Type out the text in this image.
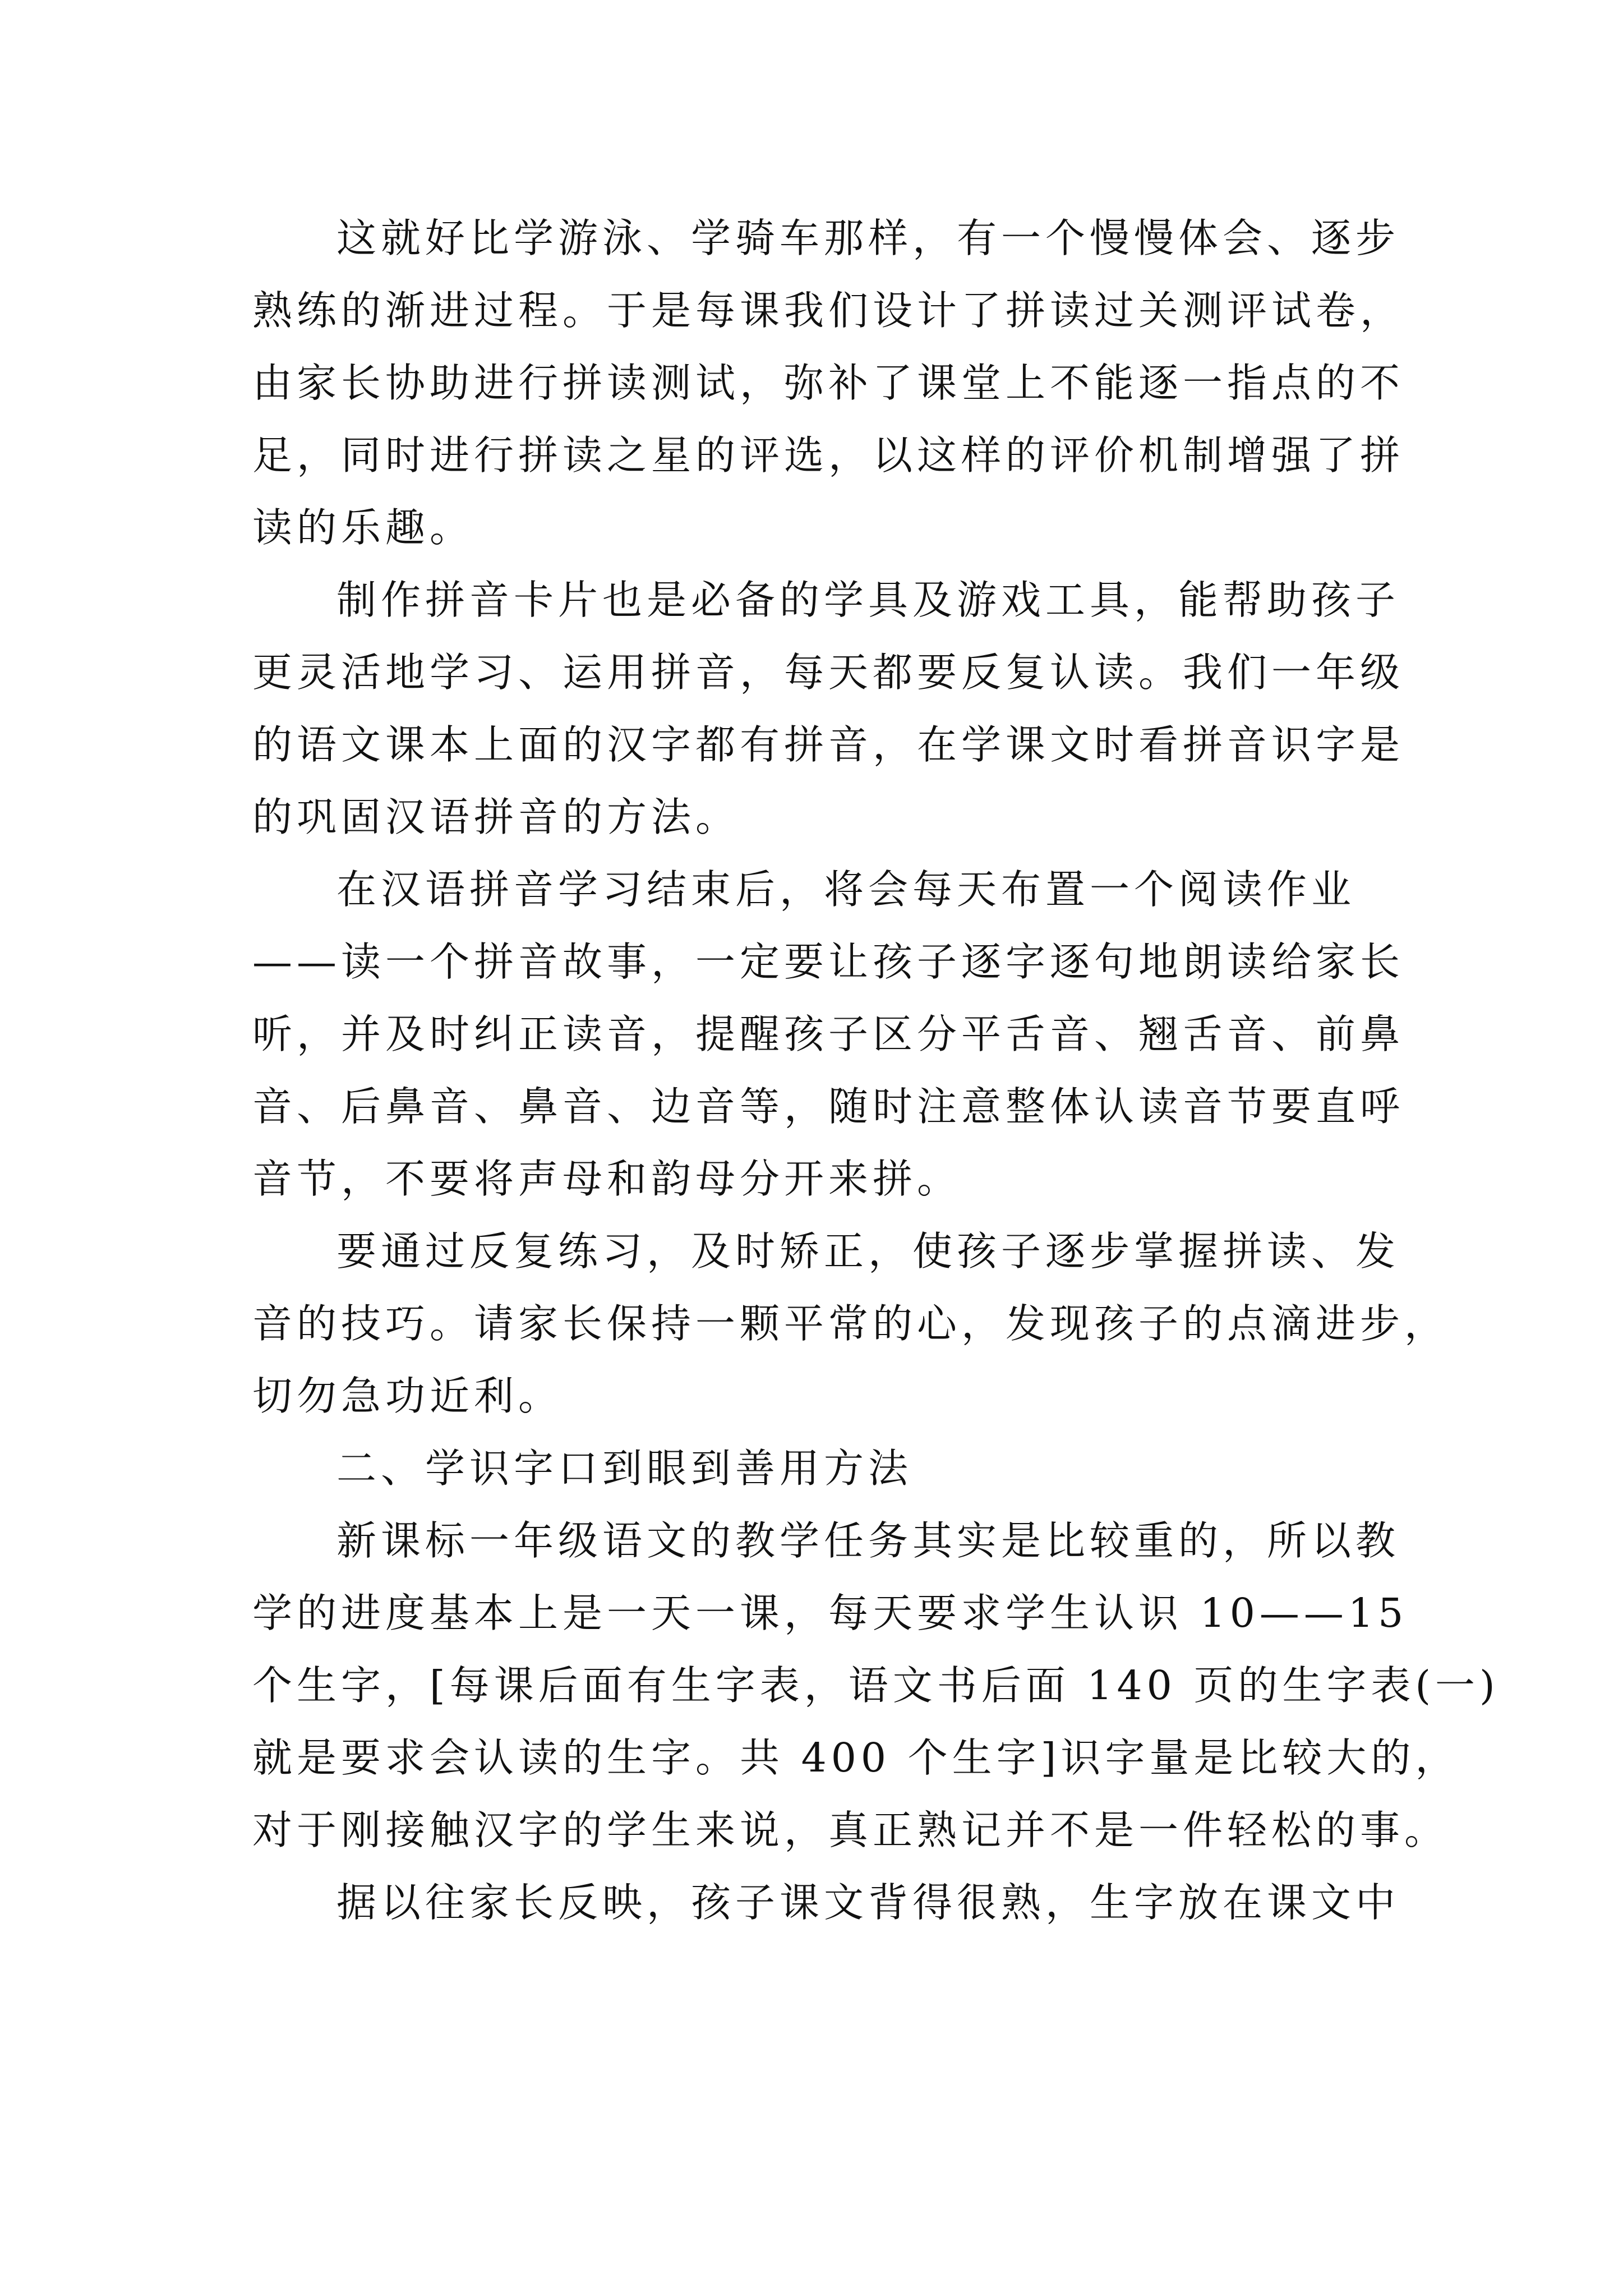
这就好比学游泳、学骑车那样，有一个慢慢体会、逐步
熟练的渐进过程。于是每课我们设计了拼读过关测评试卷，
由家长协助进行拼读测试，弥补了课堂上不能逐一指点的不
足，同时进行拼读之星的评选，以这样的评价机制增强了拼
读的乐趣。
制作拼音卡片也是必备的学具及游戏工具，能帮助孩子
更灵活地学习、运用拼音，每天都要反复认读。我们一年级
的语文课本上面的汉字都有拼音，在学课文时看拼音识字是
的巩固汉语拼音的方法。
在汉语拼音学习结束后，将会每天布置一个阅读作业
——读一个拼音故事，一定要让孩子逐字逐句地朗读给家长
听，并及时纠正读音，提醒孩子区分平舌音、翘舌音、前鼻
音、后鼻音、鼻音、边音等，随时注意整体认读音节要直呼
音节，不要将声母和韵母分开来拼。
要通过反复练习，及时矫正，使孩子逐步掌握拼读、发
音的技巧。请家长保持一颗平常的心，发现孩子的点滴进步，
切勿急功近利。
二、学识字口到眼到善用方法
新课标一年级语文的教学任务其实是比较重的，所以教
学的进度基本上是一天一课，每天要求学生认识 10——15
个生字，[每课后面有生字表，语文书后面 140 页的生字表(一)
就是要求会认读的生字。共 400 个生字]识字量是比较大的，
对于刚接触汉字的学生来说，真正熟记并不是一件轻松的事。
据以往家长反映，孩子课文背得很熟，生字放在课文中
